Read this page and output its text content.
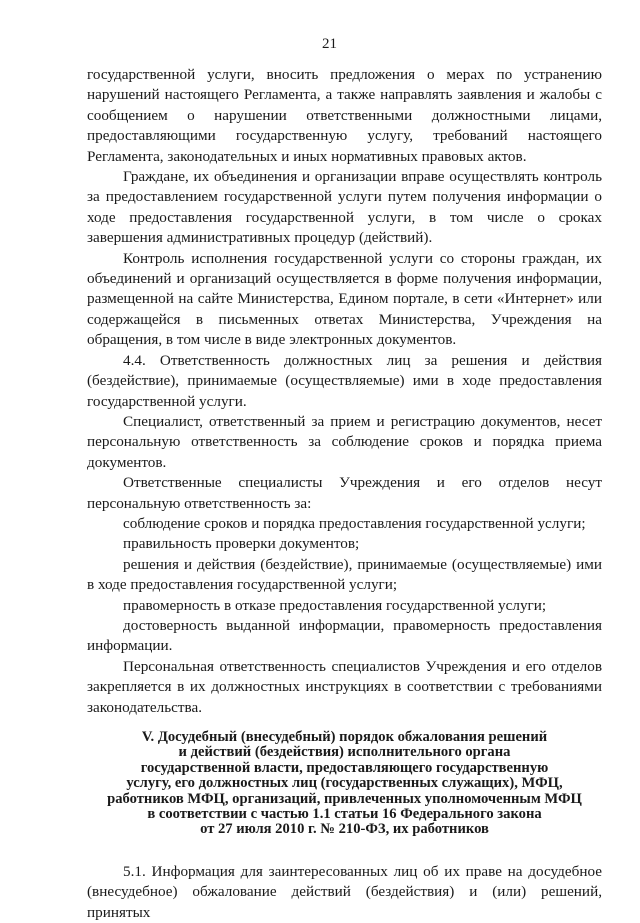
21

государственной услуги, вносить предложения о мерах по устранению нарушений настоящего Регламента, а также направлять заявления и жалобы с сообщением о нарушении ответственными должностными лицами, предоставляющими государственную услугу, требований настоящего Регламента, законодательных и иных нормативных правовых актов.

Граждане, их объединения и организации вправе осуществлять контроль за предоставлением государственной услуги путем получения информации о ходе предоставления государственной услуги, в том числе о сроках завершения административных процедур (действий).

Контроль исполнения государственной услуги со стороны граждан, их объединений и организаций осуществляется в форме получения информации, размещенной на сайте Министерства, Едином портале, в сети «Интернет» или содержащейся в письменных ответах Министерства, Учреждения на обращения, в том числе в виде электронных документов.

4.4. Ответственность должностных лиц за решения и действия (бездействие), принимаемые (осуществляемые) ими в ходе предоставления государственной услуги.

Специалист, ответственный за прием и регистрацию документов, несет персональную ответственность за соблюдение сроков и порядка приема документов.

Ответственные специалисты Учреждения и его отделов несут персональную ответственность за:

соблюдение сроков и порядка предоставления государственной услуги;

правильность проверки документов;

решения и действия (бездействие), принимаемые (осуществляемые) ими в ходе предоставления государственной услуги;

правомерность в отказе предоставления государственной услуги;

достоверность выданной информации, правомерность предоставления информации.

Персональная ответственность специалистов Учреждения и его отделов закрепляется в их должностных инструкциях в соответствии с требованиями законодательства.

V. Досудебный (внесудебный) порядок обжалования решений
и действий (бездействия) исполнительного органа
государственной власти, предоставляющего государственную
услугу, его должностных лиц (государственных служащих), МФЦ,
работников МФЦ, организаций, привлеченных уполномоченным МФЦ
в соответствии с частью 1.1 статьи 16 Федерального закона
от 27 июля 2010 г. № 210-ФЗ, их работников

5.1. Информация для заинтересованных лиц об их праве на досудебное (внесудебное) обжалование действий (бездействия) и (или) решений, принятых
